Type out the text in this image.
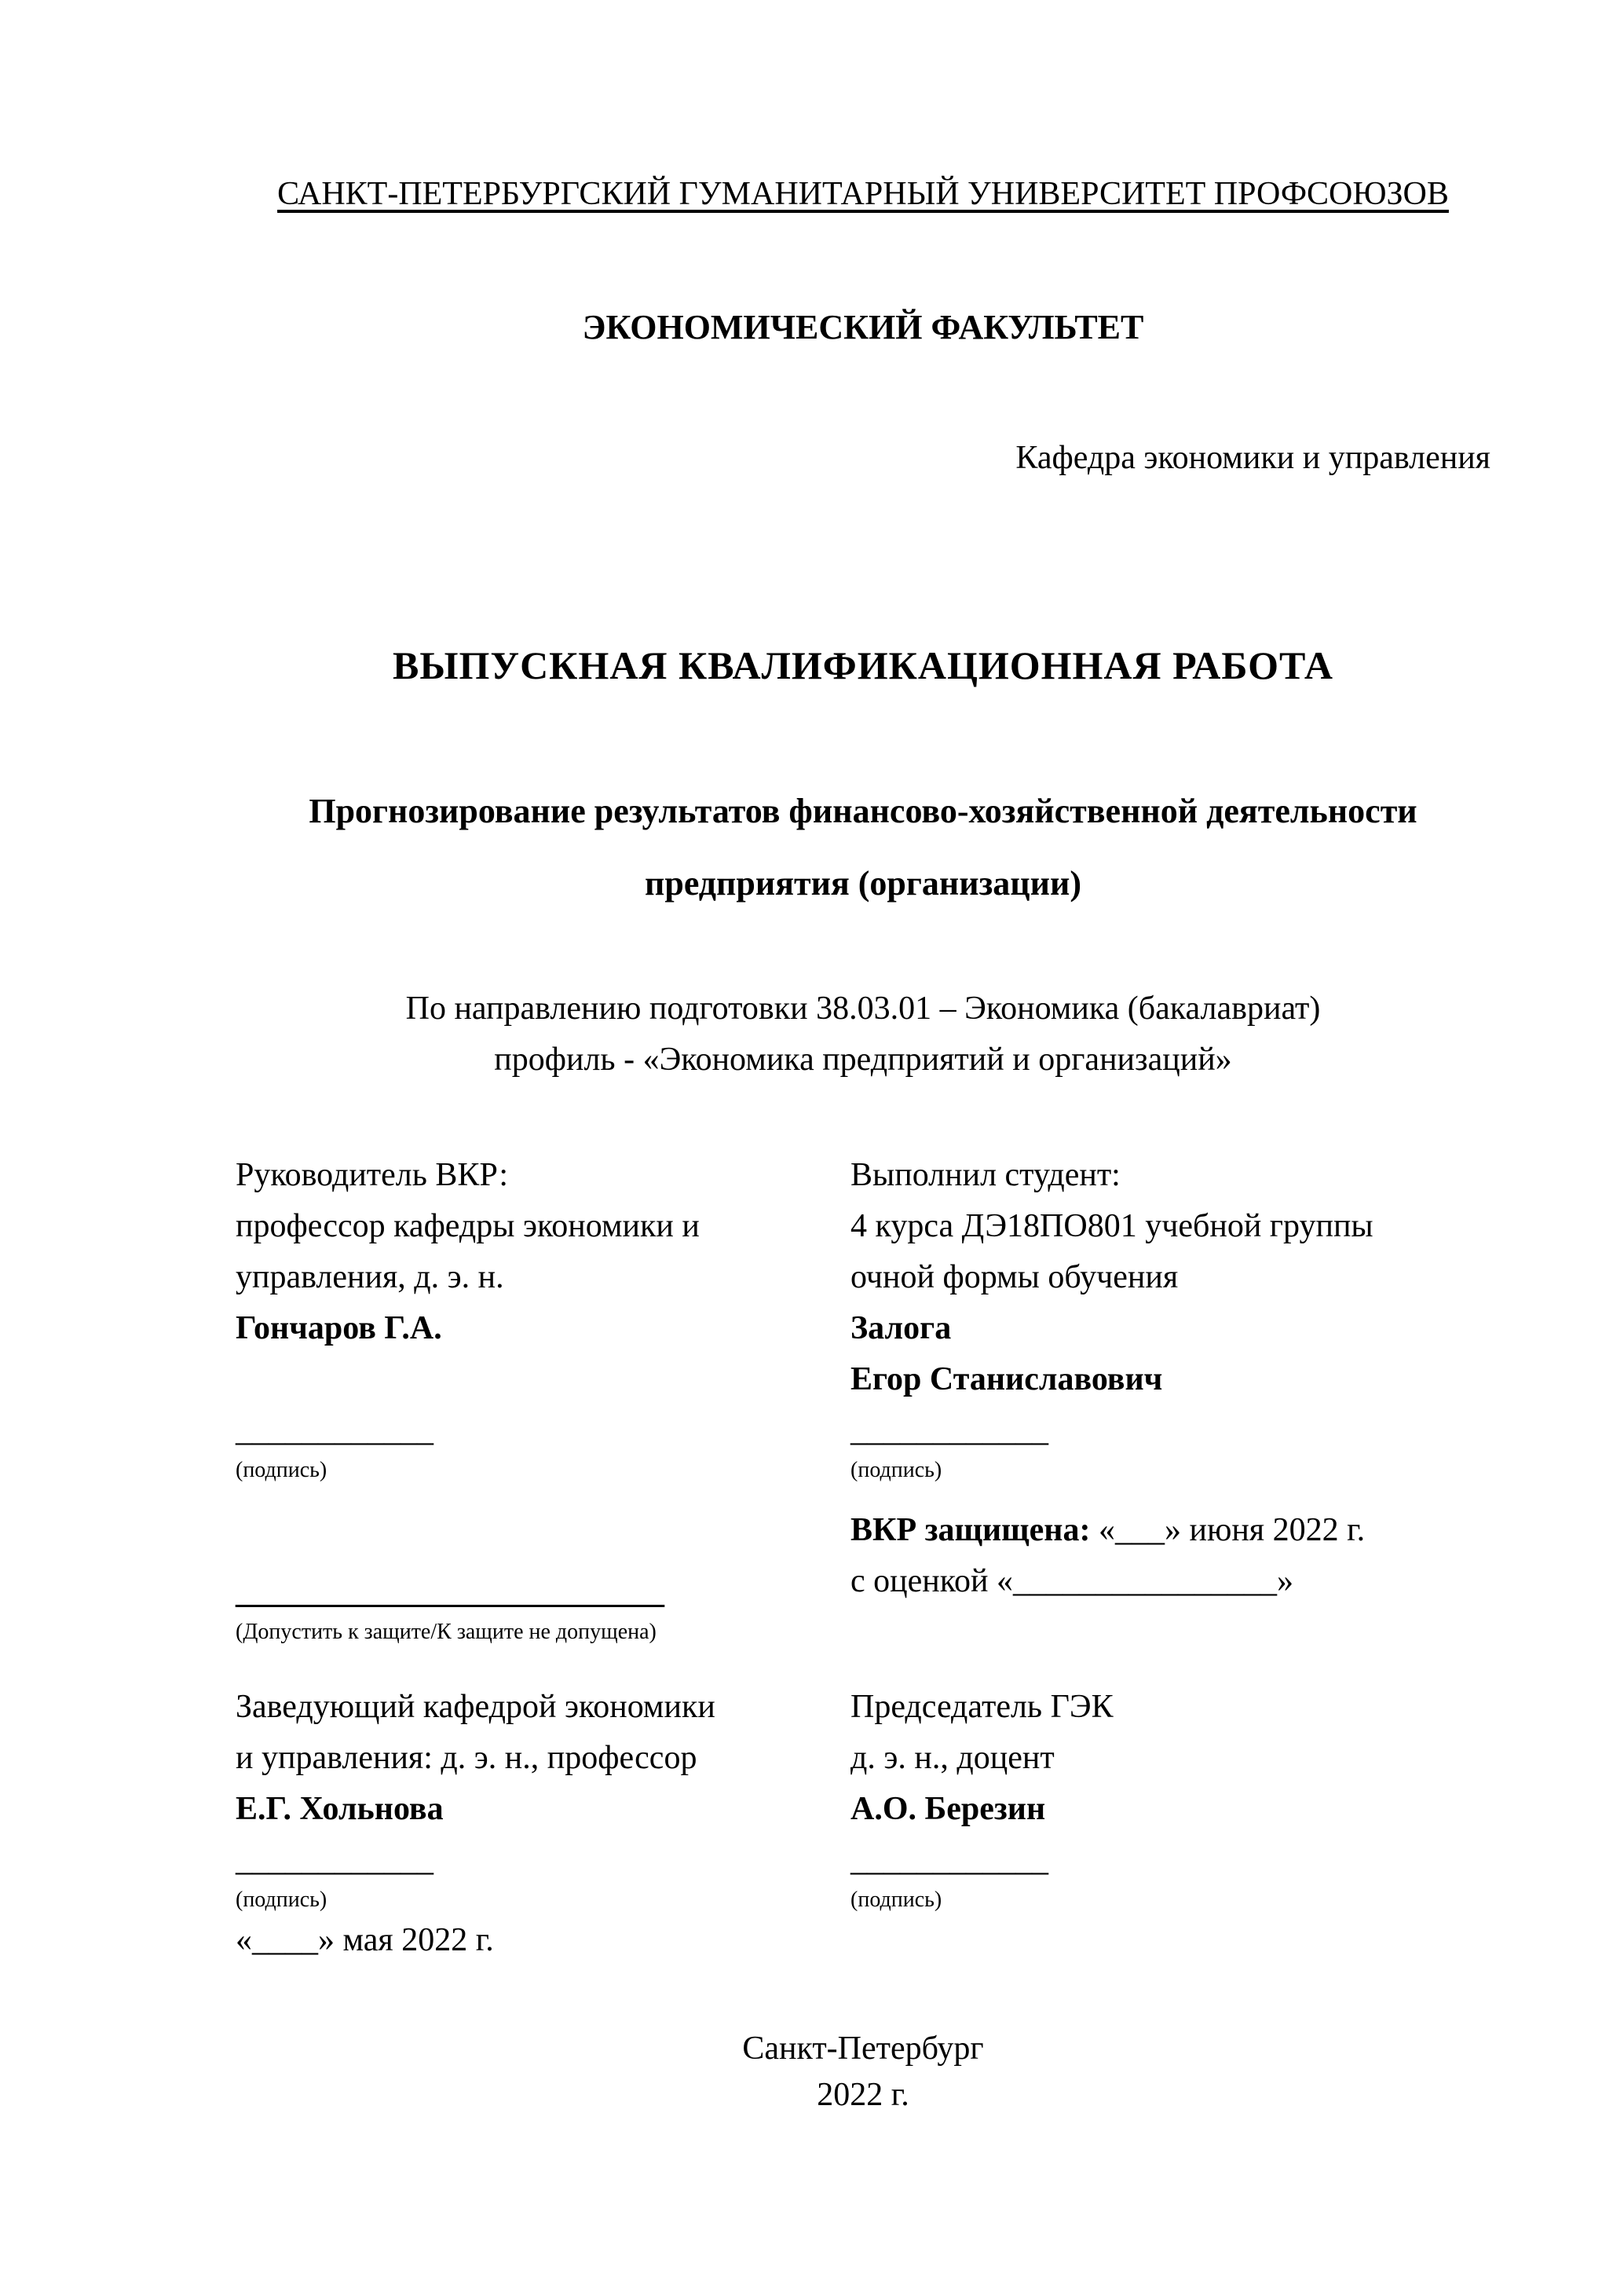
САНКТ-ПЕТЕРБУРГСКИЙ ГУМАНИТАРНЫЙ УНИВЕРСИТЕТ ПРОФСОЮЗОВ
ЭКОНОМИЧЕСКИЙ ФАКУЛЬТЕТ
Кафедра экономики и управления
ВЫПУСКНАЯ КВАЛИФИКАЦИОННАЯ РАБОТА
Прогнозирование результатов финансово-хозяйственной деятельности
предприятия (организации)
По направлению подготовки 38.03.01 – Экономика (бакалавриат)
профиль - «Экономика предприятий и организаций»
Руководитель ВКР:
профессор кафедры экономики и
управления, д. э. н.
Гончаров Г.А.
____________
(подпись)
Выполнил студент:
4 курса ДЭ18ПО801 учебной группы
очной формы обучения
Залога
Егор Станиславович
____________
(подпись)
__________________________
(Допустить к защите/К защите не допущена)
ВКР защищена: «___» июня 2022 г.
с оценкой «________________»
Заведующий кафедрой экономики
и управления: д. э. н., профессор
Е.Г. Хольнова
____________
(подпись)
«____» мая 2022 г.
Председатель ГЭК
д. э. н., доцент
А.О. Березин
____________
(подпись)
Санкт-Петербург
2022 г.
